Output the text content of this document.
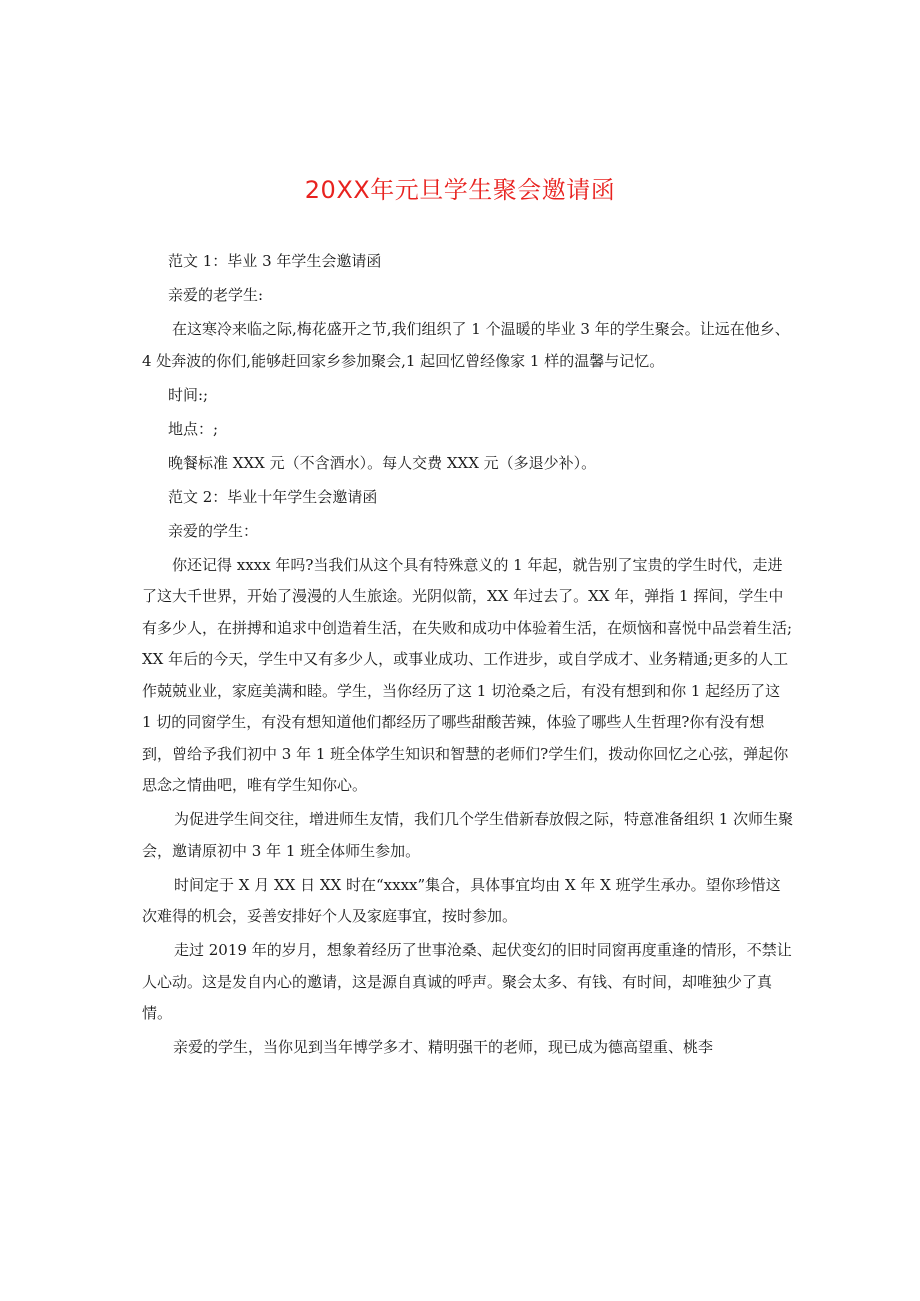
20XX年元旦学生聚会邀请函

范文 1：毕业 3 年学生会邀请函

亲爱的老学生:

在这寒冷来临之际,梅花盛开之节,我们组织了 1 个温暖的毕业 3 年的学生聚会。让远在他乡、4 处奔波的你们,能够赶回家乡参加聚会,1 起回忆曾经像家 1 样的温馨与记忆。

时间:;

地点：;

晚餐标准 XXX 元（不含酒水）。每人交费 XXX 元（多退少补）。

范文 2：毕业十年学生会邀请函

亲爱的学生：

你还记得 xxxx 年吗?当我们从这个具有特殊意义的 1 年起，就告别了宝贵的学生时代，走进了这大千世界，开始了漫漫的人生旅途。光阴似箭，XX 年过去了。XX 年，弹指 1 挥间，学生中有多少人，在拼搏和追求中创造着生活，在失败和成功中体验着生活，在烦恼和喜悦中品尝着生活;XX 年后的今天，学生中又有多少人，或事业成功、工作进步，或自学成才、业务精通;更多的人工作兢兢业业，家庭美满和睦。学生，当你经历了这 1 切沧桑之后，有没有想到和你 1 起经历了这 1 切的同窗学生，有没有想知道他们都经历了哪些甜酸苦辣，体验了哪些人生哲理?你有没有想到，曾给予我们初中 3 年 1 班全体学生知识和智慧的老师们?学生们，拨动你回忆之心弦，弹起你思念之情曲吧，唯有学生知你心。

为促进学生间交往，增进师生友情，我们几个学生借新春放假之际，特意准备组织 1 次师生聚会，邀请原初中 3 年 1 班全体师生参加。

时间定于 X 月 XX 日 XX 时在“xxxx”集合，具体事宜均由 X 年 X 班学生承办。望你珍惜这次难得的机会，妥善安排好个人及家庭事宜，按时参加。

走过 2019 年的岁月，想象着经历了世事沧桑、起伏变幻的旧时同窗再度重逢的情形，不禁让人心动。这是发自内心的邀请，这是源自真诚的呼声。聚会太多、有钱、有时间，却唯独少了真情。

亲爱的学生，当你见到当年博学多才、精明强干的老师，现已成为德高望重、桃李
